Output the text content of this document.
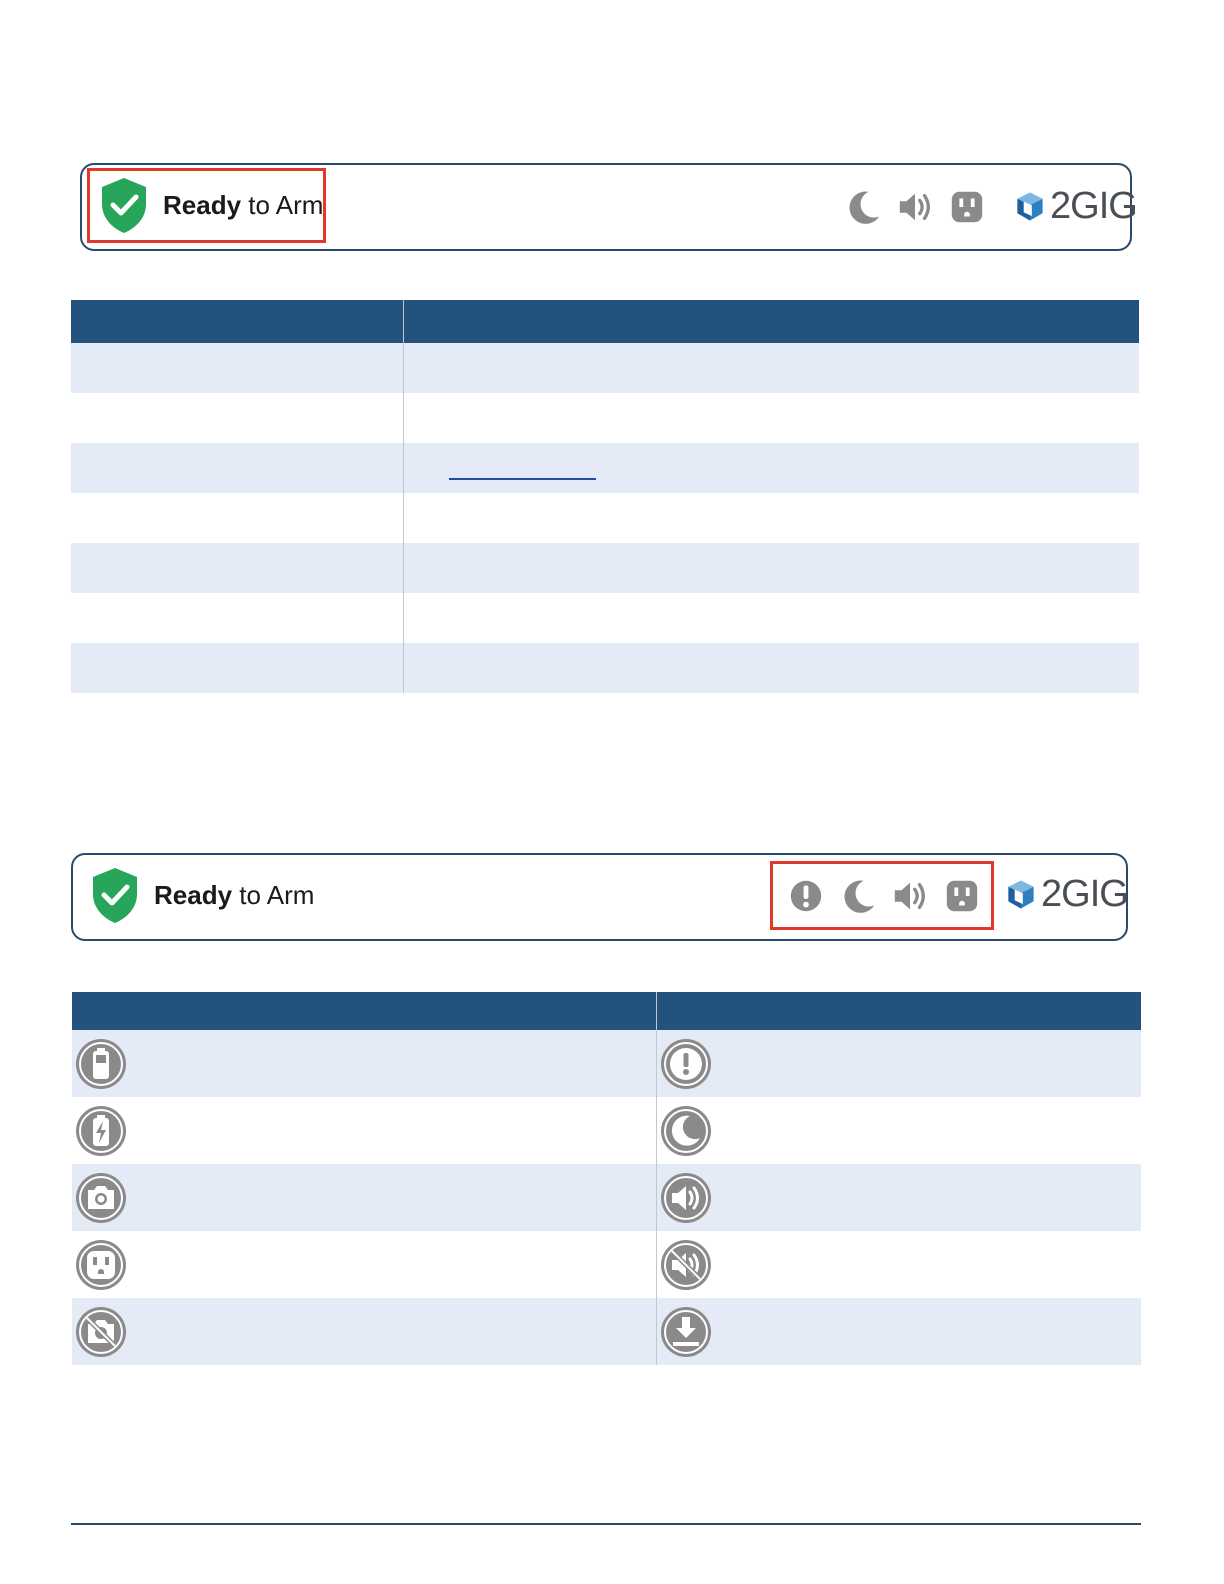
Ready to Arm	2GIG

Ready to Arm	2GIG
